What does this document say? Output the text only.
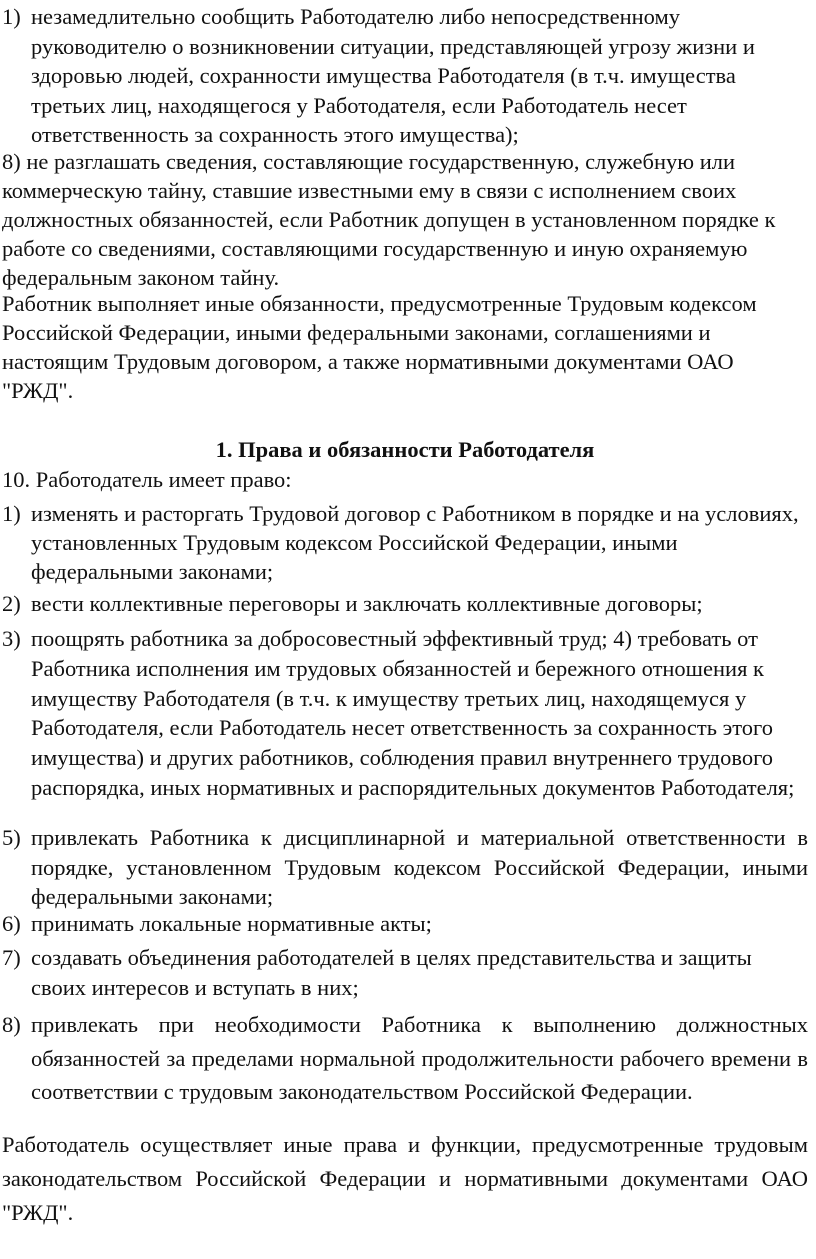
1) незамедлительно сообщить Работодателю либо непосредственному руководителю о возникновении ситуации, представляющей угрозу жизни и здоровью людей, сохранности имущества Работодателя (в т.ч. имущества третьих лиц, находящегося у Работодателя, если Работодатель несет ответственность за сохранность этого имущества);

8) не разглашать сведения, составляющие государственную, служебную или коммерческую тайну, ставшие известными ему в связи с исполнением своих должностных обязанностей, если Работник допущен в установленном порядке к работе со сведениями, составляющими государственную и иную охраняемую федеральным законом тайну.

Работник выполняет иные обязанности, предусмотренные Трудовым кодексом Российской Федерации, иными федеральными законами, соглашениями и настоящим Трудовым договором, а также нормативными документами ОАО "РЖД".

1. Права и обязанности Работодателя

10. Работодатель имеет право:

1) изменять и расторгать Трудовой договор с Работником в порядке и на условиях, установленных Трудовым кодексом Российской Федерации, иными федеральными законами;
2) вести коллективные переговоры и заключать коллективные договоры;
3) поощрять работника за добросовестный эффективный труд; 4) требовать от Работника исполнения им трудовых обязанностей и бережного отношения к имуществу Работодателя (в т.ч. к имуществу третьих лиц, находящемуся у Работодателя, если Работодатель несет ответственность за сохранность этого имущества) и других работников, соблюдения правил внутреннего трудового распорядка, иных нормативных и распорядительных документов Работодателя;
5) привлекать Работника к дисциплинарной и материальной ответственности в порядке, установленном Трудовым кодексом Российской Федерации, иными федеральными законами;
6) принимать локальные нормативные акты;
7) создавать объединения работодателей в целях представительства и защиты своих интересов и вступать в них;
8) привлекать при необходимости Работника к выполнению должностных обязанностей за пределами нормальной продолжительности рабочего времени в соответствии с трудовым законодательством Российской Федерации.

Работодатель осуществляет иные права и функции, предусмотренные трудовым законодательством Российской Федерации и нормативными документами ОАО "РЖД".
